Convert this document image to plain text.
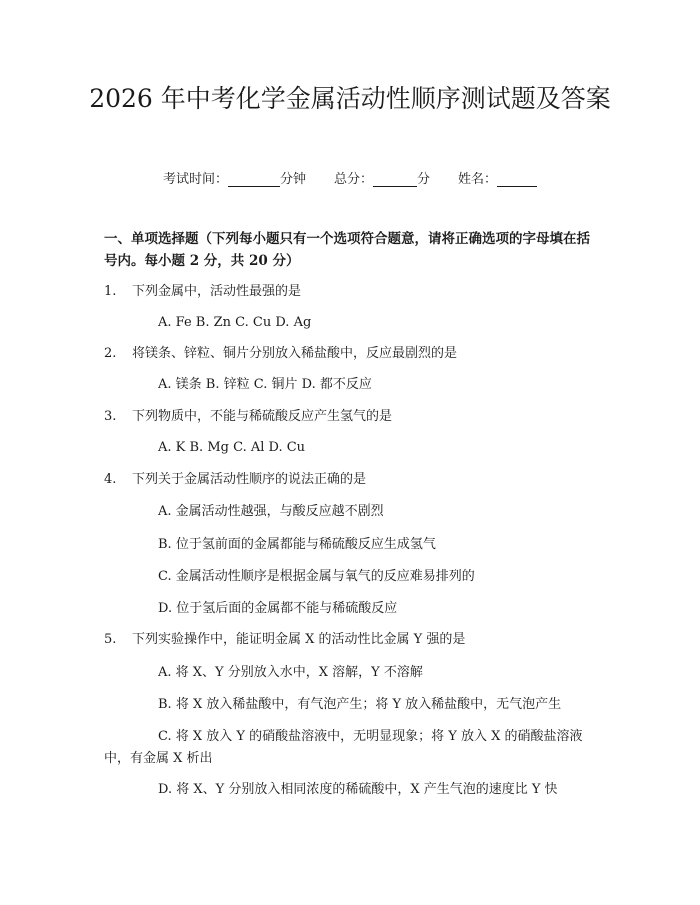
2026 年中考化学金属活动性顺序测试题及答案
考试时间：	分钟 总分：	分 姓名：

一、单项选择题（下列每小题只有一个选项符合题意，请将正确选项的字母填在括号内。每小题 2 分，共 20 分）

1. 下列金属中，活动性最强的是
A. Fe B. Zn C. Cu D. Ag
2. 将镁条、锌粒、铜片分别放入稀盐酸中，反应最剧烈的是
A. 镁条 B. 锌粒 C. 铜片 D. 都不反应
3. 下列物质中，不能与稀硫酸反应产生氢气的是
A. K B. Mg C. Al D. Cu
4. 下列关于金属活动性顺序的说法正确的是
A. 金属活动性越强，与酸反应越不剧烈
B. 位于氢前面的金属都能与稀硫酸反应生成氢气
C. 金属活动性顺序是根据金属与氧气的反应难易排列的
D. 位于氢后面的金属都不能与稀硫酸反应
5. 下列实验操作中，能证明金属 X 的活动性比金属 Y 强的是
A. 将 X、Y 分别放入水中，X 溶解，Y 不溶解
B. 将 X 放入稀盐酸中，有气泡产生；将 Y 放入稀盐酸中，无气泡产生
C. 将 X 放入 Y 的硝酸盐溶液中，无明显现象；将 Y 放入 X 的硝酸盐溶液中，有金属 X 析出
D. 将 X、Y 分别放入相同浓度的稀硫酸中，X 产生气泡的速度比 Y 快
